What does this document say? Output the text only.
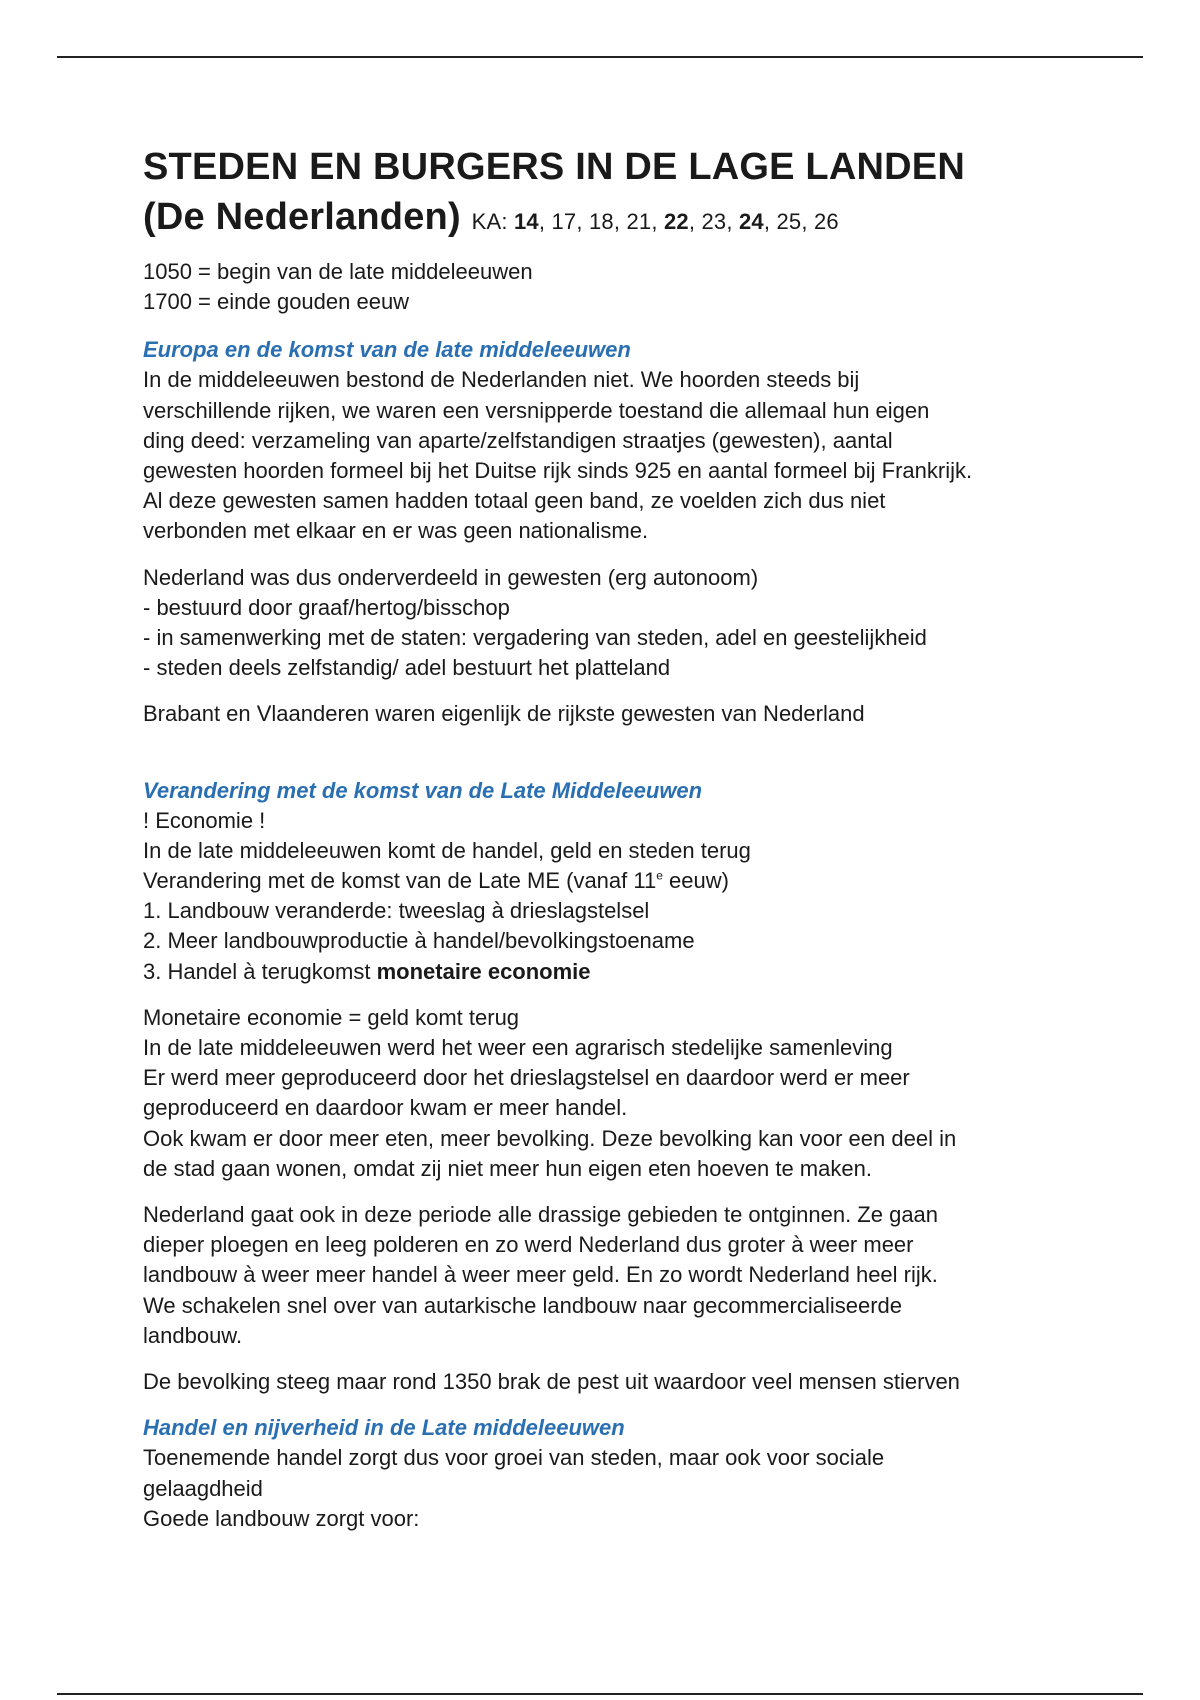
STEDEN EN BURGERS IN DE LAGE LANDEN
(De Nederlanden) KA: 14, 17, 18, 21, 22, 23, 24, 25, 26

1050 = begin van de late middeleeuwen

1700 = einde gouden eeuw

Europa en de komst van de late middeleeuwen

In de middeleeuwen bestond de Nederlanden niet. We hoorden steeds bij

verschillende rijken, we waren een versnipperde toestand die allemaal hun eigen

ding deed: verzameling van aparte/zelfstandigen straatjes (gewesten), aantal

gewesten hoorden formeel bij het Duitse rijk sinds 925 en aantal formeel bij Frankrijk.

Al deze gewesten samen hadden totaal geen band, ze voelden zich dus niet

verbonden met elkaar en er was geen nationalisme.

Nederland was dus onderverdeeld in gewesten (erg autonoom)

- bestuurd door graaf/hertog/bisschop

- in samenwerking met de staten: vergadering van steden, adel en geestelijkheid

- steden deels zelfstandig/ adel bestuurt het platteland

Brabant en Vlaanderen waren eigenlijk de rijkste gewesten van Nederland

Verandering met de komst van de Late Middeleeuwen

! Economie !

In de late middeleeuwen komt de handel, geld en steden terug

Verandering met de komst van de Late ME (vanaf 11e eeuw)

1. Landbouw veranderde: tweeslag à drieslagstelsel

2. Meer landbouwproductie à handel/bevolkingstoename

3. Handel à terugkomst monetaire economie

Monetaire economie = geld komt terug

In de late middeleeuwen werd het weer een agrarisch stedelijke samenleving

Er werd meer geproduceerd door het drieslagstelsel en daardoor werd er meer

geproduceerd en daardoor kwam er meer handel.

Ook kwam er door meer eten, meer bevolking. Deze bevolking kan voor een deel in

de stad gaan wonen, omdat zij niet meer hun eigen eten hoeven te maken.

Nederland gaat ook in deze periode alle drassige gebieden te ontginnen. Ze gaan

dieper ploegen en leeg polderen en zo werd Nederland dus groter à weer meer

landbouw à weer meer handel à weer meer geld. En zo wordt Nederland heel rijk.

We schakelen snel over van autarkische landbouw naar gecommercialiseerde

landbouw.

De bevolking steeg maar rond 1350 brak de pest uit waardoor veel mensen stierven

Handel en nijverheid in de Late middeleeuwen

Toenemende handel zorgt dus voor groei van steden, maar ook voor sociale

gelaagdheid

Goede landbouw zorgt voor:
